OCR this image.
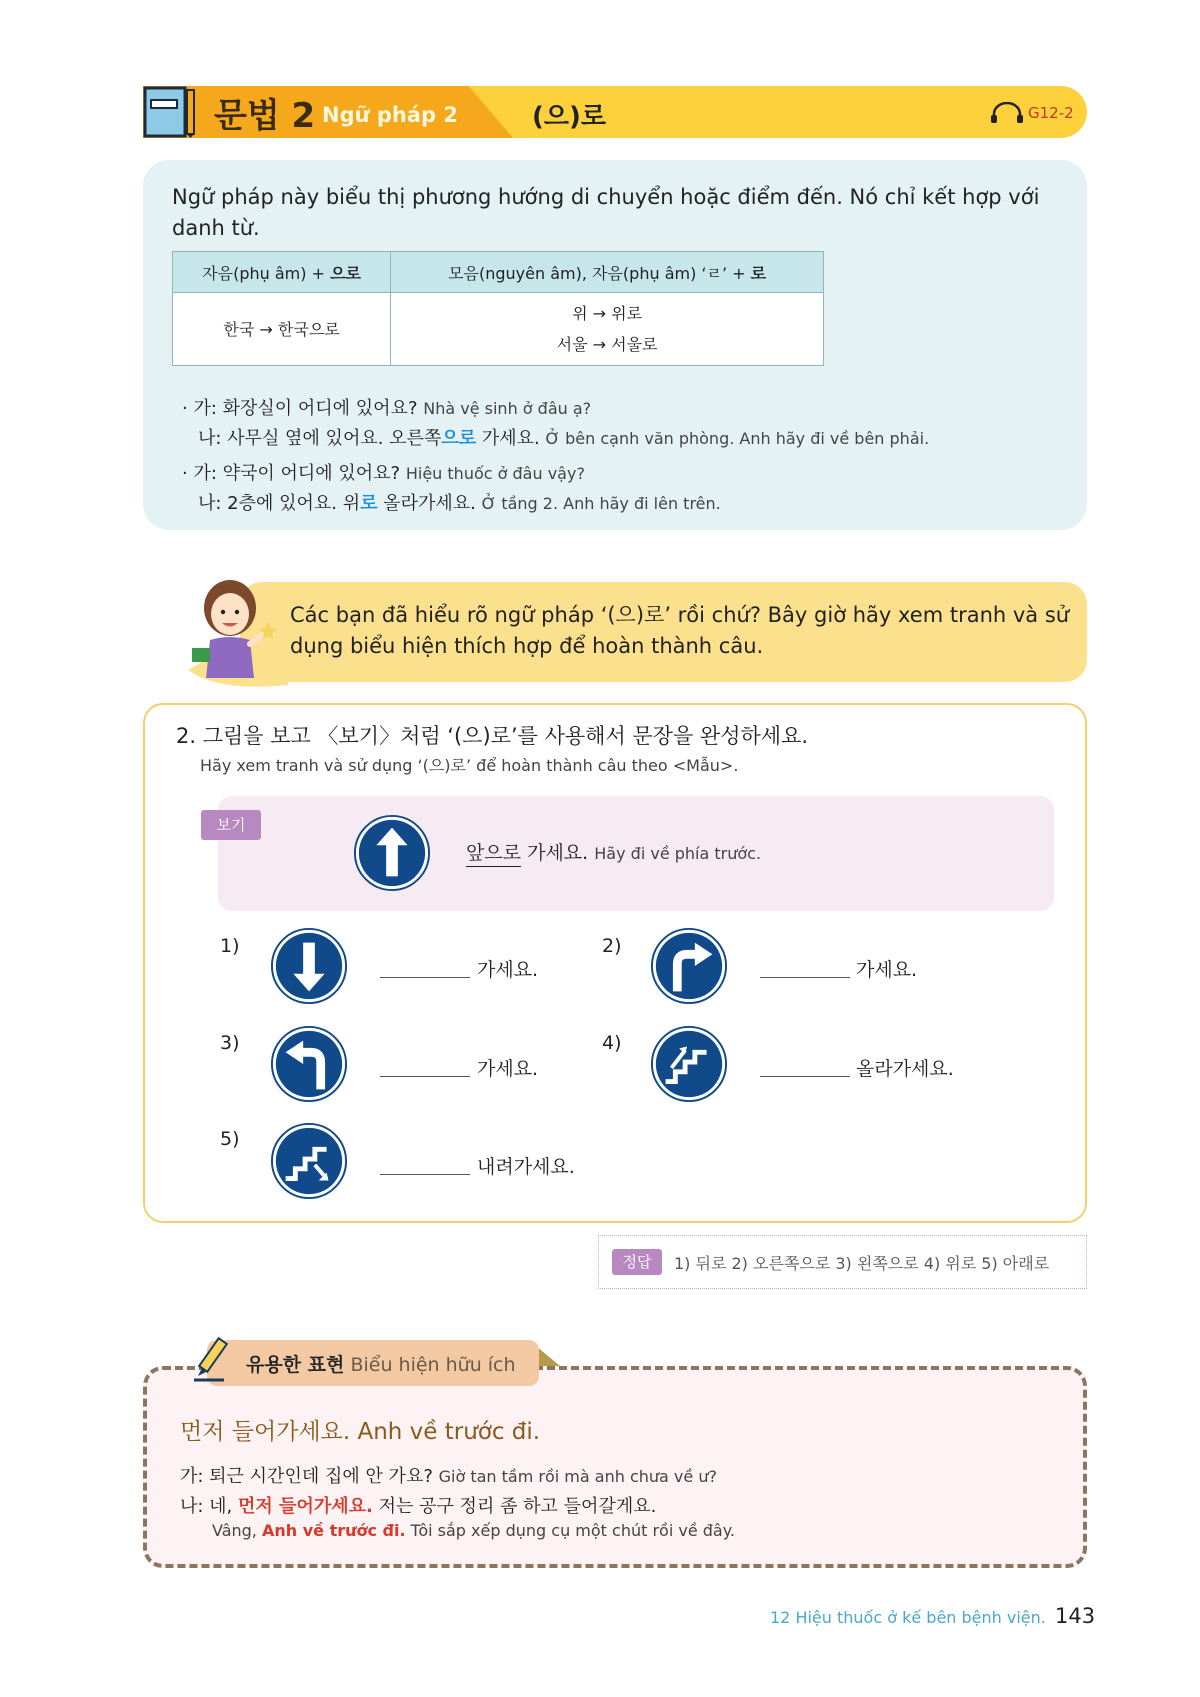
문법 2 Ngữ pháp 2	(으)로	G12-2
Ngữ pháp này biểu thị phương hướng di chuyển hoặc điểm đến. Nó chỉ kết hợp với danh từ.
자음(phụ âm) + 으로	모음(nguyên âm), 자음(phụ âm) ‘ㄹ’ + 로
한국 → 한국으로	위 → 위로
서울 → 서울로
· 가: 화장실이 어디에 있어요? Nhà vệ sinh ở đâu ạ?
나: 사무실 옆에 있어요. 오른쪽으로 가세요. Ở bên cạnh văn phòng. Anh hãy đi về bên phải.
· 가: 약국이 어디에 있어요? Hiệu thuốc ở đâu vậy?
나: 2층에 있어요. 위로 올라가세요. Ở tầng 2. Anh hãy đi lên trên.
Các bạn đã hiểu rõ ngữ pháp ‘(으)로’ rồi chứ? Bây giờ hãy xem tranh và sử dụng biểu hiện thích hợp để hoàn thành câu.
2. 그림을 보고 〈보기〉처럼 ‘(으)로’를 사용해서 문장을 완성하세요.
Hãy xem tranh và sử dụng ‘(으)로’ để hoàn thành câu theo <Mẫu>.
보기
앞으로 가세요. Hãy đi về phía trước.
1)
가세요.
2)
가세요.
3)
가세요.
4)
올라가세요.
5)
내려가세요.
정답	1) 뒤로 2) 오른쪽으로 3) 왼쪽으로 4) 위로 5) 아래로
유용한 표현 Biểu hiện hữu ích
먼저 들어가세요. Anh về trước đi.
가: 퇴근 시간인데 집에 안 가요? Giờ tan tầm rồi mà anh chưa về ư?
나: 네, 먼저 들어가세요. 저는 공구 정리 좀 하고 들어갈게요.
Vâng, Anh về trước đi. Tôi sắp xếp dụng cụ một chút rồi về đây.
12 Hiệu thuốc ở kế bên bệnh viện. 143
